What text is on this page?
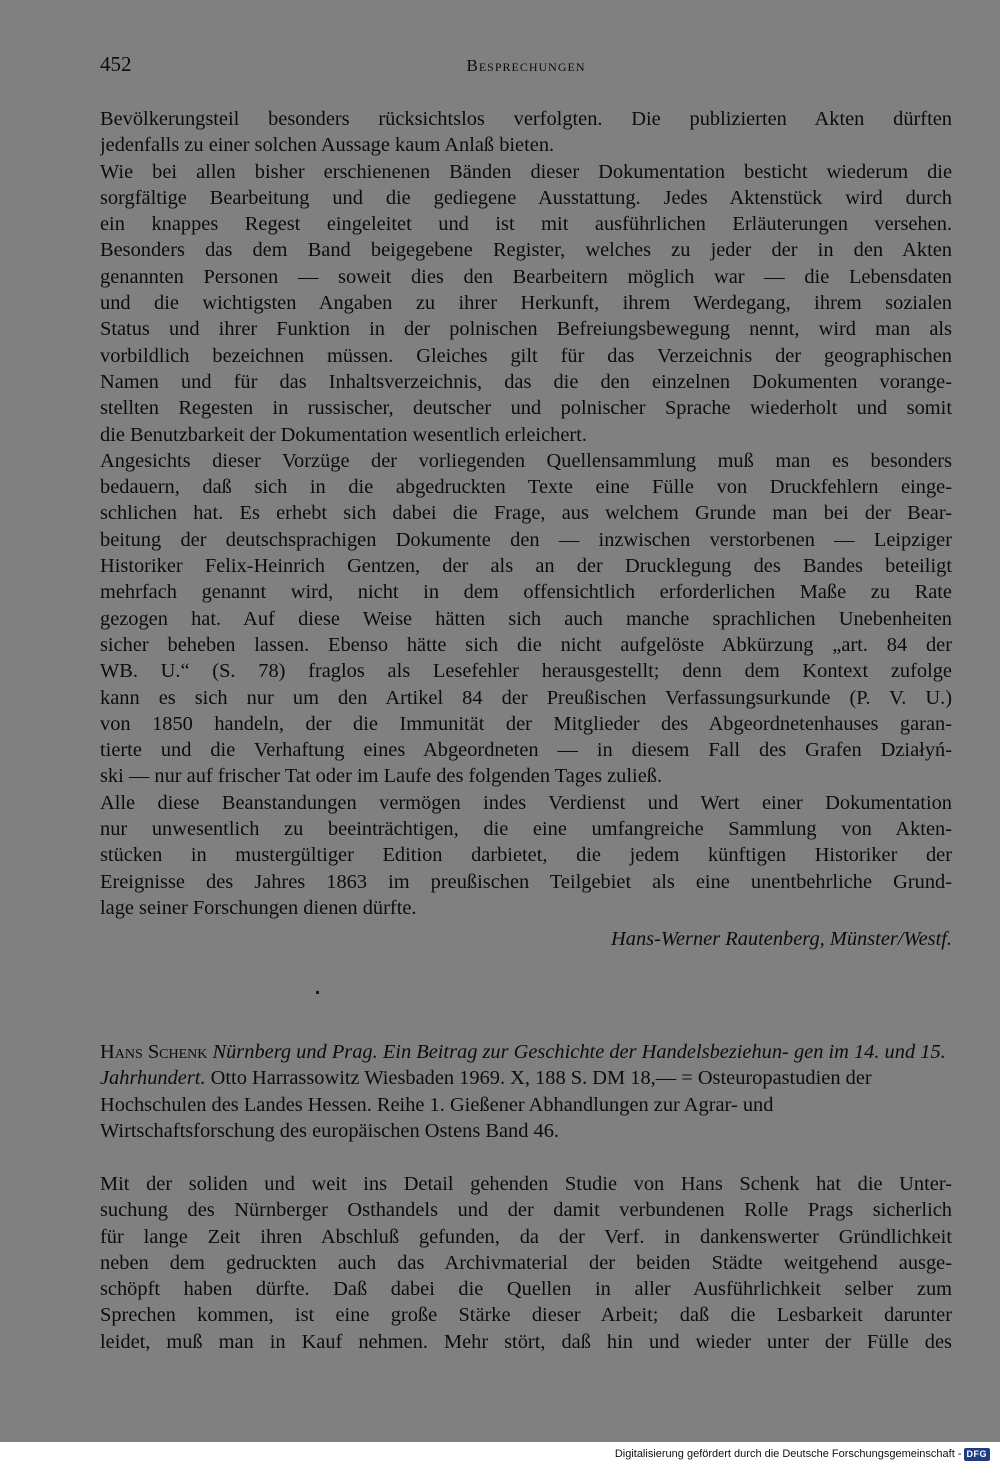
452	Besprechungen
Bevölkerungsteil besonders rücksichtslos verfolgten. Die publizierten Akten dürften
jedenfalls zu einer solchen Aussage kaum Anlaß bieten.
Wie bei allen bisher erschienenen Bänden dieser Dokumentation besticht wiederum die
sorgfältige Bearbeitung und die gediegene Ausstattung. Jedes Aktenstück wird durch
ein knappes Regest eingeleitet und ist mit ausführlichen Erläuterungen versehen.
Besonders das dem Band beigegebene Register, welches zu jeder der in den Akten
genannten Personen — soweit dies den Bearbeitern möglich war — die Lebensdaten
und die wichtigsten Angaben zu ihrer Herkunft, ihrem Werdegang, ihrem sozialen
Status und ihrer Funktion in der polnischen Befreiungsbewegung nennt, wird man als
vorbildlich bezeichnen müssen. Gleiches gilt für das Verzeichnis der geographischen
Namen und für das Inhaltsverzeichnis, das die den einzelnen Dokumenten vorange-
stellten Regesten in russischer, deutscher und polnischer Sprache wiederholt und somit
die Benutzbarkeit der Dokumentation wesentlich erleichert.
Angesichts dieser Vorzüge der vorliegenden Quellensammlung muß man es besonders
bedauern, daß sich in die abgedruckten Texte eine Fülle von Druckfehlern einge-
schlichen hat. Es erhebt sich dabei die Frage, aus welchem Grunde man bei der Bear-
beitung der deutschsprachigen Dokumente den — inzwischen verstorbenen — Leipziger
Historiker Felix-Heinrich Gentzen, der als an der Drucklegung des Bandes beteiligt
mehrfach genannt wird, nicht in dem offensichtlich erforderlichen Maße zu Rate
gezogen hat. Auf diese Weise hätten sich auch manche sprachlichen Unebenheiten
sicher beheben lassen. Ebenso hätte sich die nicht aufgelöste Abkürzung „art. 84 der
WB. U.“ (S. 78) fraglos als Lesefehler herausgestellt; denn dem Kontext zufolge
kann es sich nur um den Artikel 84 der Preußischen Verfassungsurkunde (P. V. U.)
von 1850 handeln, der die Immunität der Mitglieder des Abgeordnetenhauses garan-
tierte und die Verhaftung eines Abgeordneten — in diesem Fall des Grafen Działyń-
ski — nur auf frischer Tat oder im Laufe des folgenden Tages zuließ.
Alle diese Beanstandungen vermögen indes Verdienst und Wert einer Dokumentation
nur unwesentlich zu beeinträchtigen, die eine umfangreiche Sammlung von Akten-
stücken in mustergültiger Edition darbietet, die jedem künftigen Historiker der
Ereignisse des Jahres 1863 im preußischen Teilgebiet als eine unentbehrliche Grund-
lage seiner Forschungen dienen dürfte.
Hans-Werner Rautenberg, Münster/Westf.
Hans Schenk Nürnberg und Prag. Ein Beitrag zur Geschichte der Handelsbeziehun- gen im 14. und 15. Jahrhundert. Otto Harrassowitz Wiesbaden 1969. X, 188 S. DM 18,— = Osteuropastudien der Hochschulen des Landes Hessen. Reihe 1. Gießener Abhandlungen zur Agrar- und Wirtschaftsforschung des europäischen Ostens Band 46.
Mit der soliden und weit ins Detail gehenden Studie von Hans Schenk hat die Unter-
suchung des Nürnberger Osthandels und der damit verbundenen Rolle Prags sicherlich
für lange Zeit ihren Abschluß gefunden, da der Verf. in dankenswerter Gründlichkeit
neben dem gedruckten auch das Archivmaterial der beiden Städte weitgehend ausge-
schöpft haben dürfte. Daß dabei die Quellen in aller Ausführlichkeit selber zum
Sprechen kommen, ist eine große Stärke dieser Arbeit; daß die Lesbarkeit darunter
leidet, muß man in Kauf nehmen. Mehr stört, daß hin und wieder unter der Fülle des
Digitalisierung gefördert durch die Deutsche Forschungsgemeinschaft - DFG
